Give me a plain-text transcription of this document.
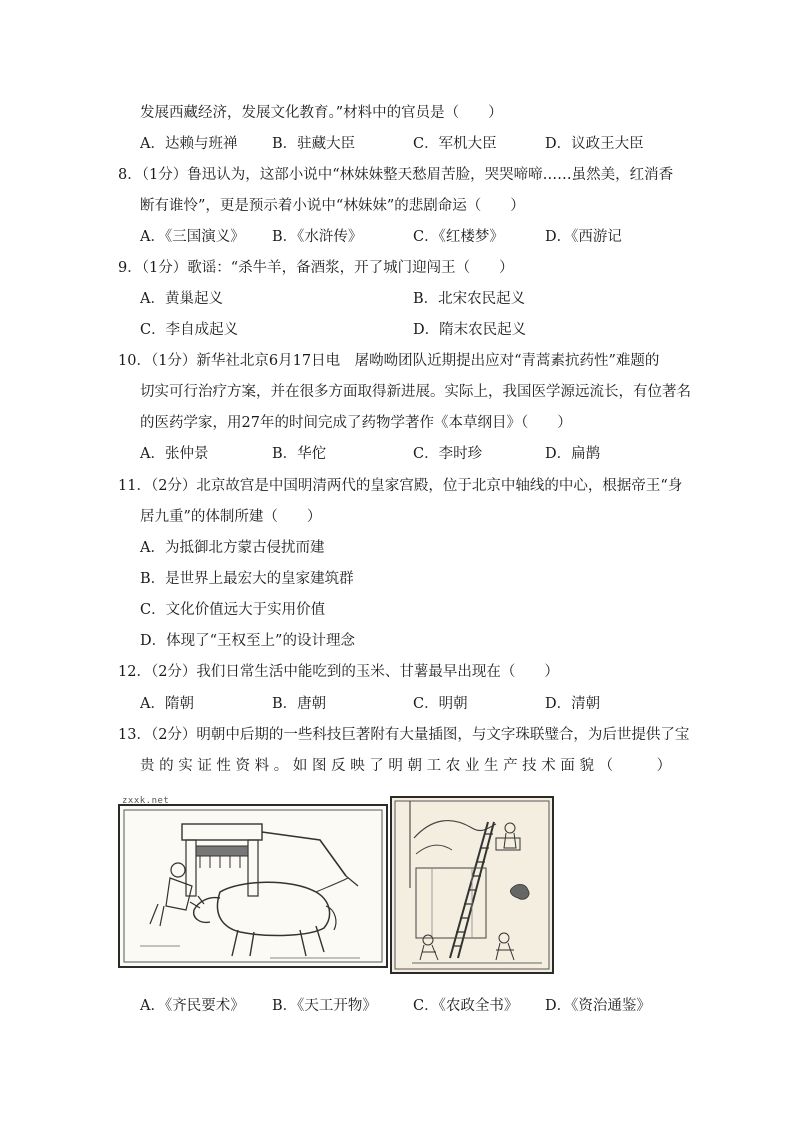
发展西藏经济，发展文化教育。”材料中的官员是（　　）
A．达赖与班禅 B．驻藏大臣	C．军机大臣	D．议政王大臣
8．（1分）鲁迅认为，这部小说中“林妹妹整天愁眉苦脸，哭哭啼啼……虽然美，红消香
断有谁怜”，更是预示着小说中“林妹妹”的悲剧命运（　　）
A．《三国演义》 B．《水浒传》	C．《红楼梦》	D．《西游记
9．（1分）歌谣：“杀牛羊，备酒浆，开了城门迎闯王（　　）
A．黄巢起义	B．北宋农民起义
C．李自成起义	D．隋末农民起义
10．（1分）新华社北京6月17日电　屠呦呦团队近期提出应对“青蒿素抗药性”难题的
切实可行治疗方案，并在很多方面取得新进展。实际上，我国医学源远流长，有位著名
的医药学家，用27年的时间完成了药物学著作《本草纲目》（　　）
A．张仲景	B．华佗	C．李时珍	D．扁鹊
11．（2分）北京故宫是中国明清两代的皇家宫殿，位于北京中轴线的中心，根据帝王“身
居九重”的体制所建（　　）
A．为抵御北方蒙古侵扰而建
B．是世界上最宏大的皇家建筑群
C．文化价值远大于实用价值
D．体现了“王权至上”的设计理念
12．（2分）我们日常生活中能吃到的玉米、甘薯最早出现在（　　）
A．隋朝	B．唐朝	C．明朝	D．清朝
13．（2分）明朝中后期的一些科技巨著附有大量插图，与文字珠联璧合，为后世提供了宝
贵 的 实 证 性 资 料 。 如 图 反 映 了 明 朝 工 农 业 生 产 技 术 面 貌 （　　　）
zxxk.net
A．《齐民要术》 B．《天工开物》 C．《农政全书》 D．《资治通鉴》
